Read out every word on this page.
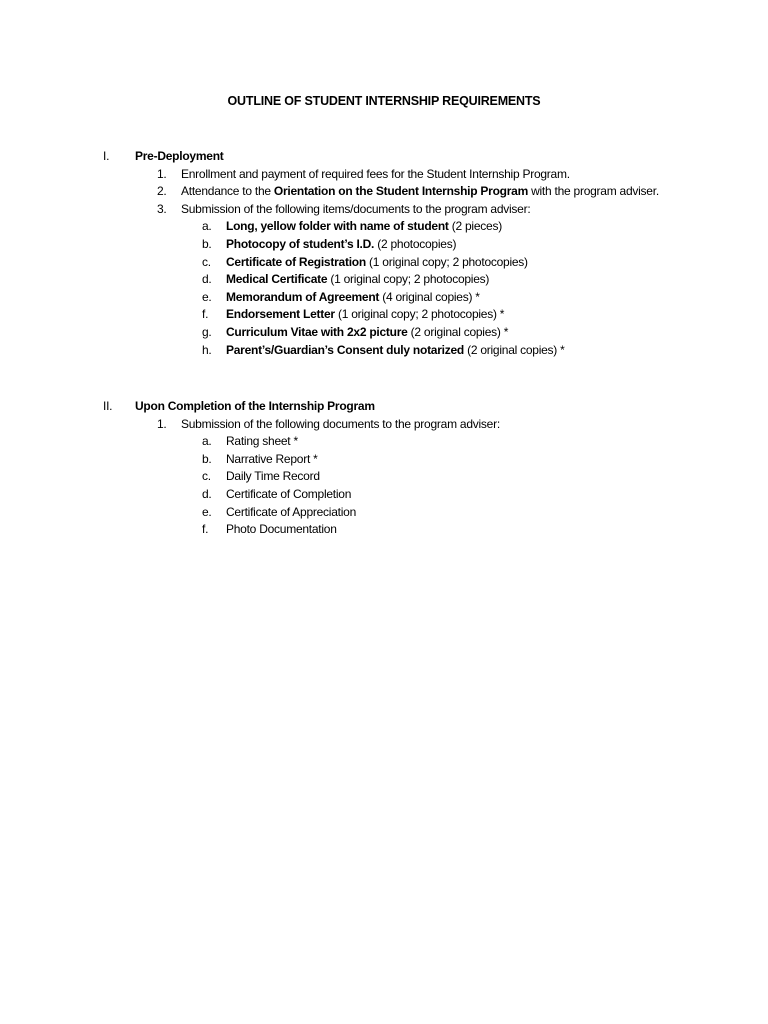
OUTLINE OF STUDENT INTERNSHIP REQUIREMENTS
I. Pre-Deployment
1. Enrollment and payment of required fees for the Student Internship Program.
2. Attendance to the Orientation on the Student Internship Program with the program adviser.
3. Submission of the following items/documents to the program adviser:
a. Long, yellow folder with name of student (2 pieces)
b. Photocopy of student’s I.D. (2 photocopies)
c. Certificate of Registration (1 original copy; 2 photocopies)
d. Medical Certificate (1 original copy; 2 photocopies)
e. Memorandum of Agreement (4 original copies) *
f. Endorsement Letter (1 original copy; 2 photocopies) *
g. Curriculum Vitae with 2x2 picture (2 original copies) *
h. Parent’s/Guardian’s Consent duly notarized (2 original copies) *
II. Upon Completion of the Internship Program
1. Submission of the following documents to the program adviser:
a. Rating sheet *
b. Narrative Report *
c. Daily Time Record
d. Certificate of Completion
e. Certificate of Appreciation
f. Photo Documentation
